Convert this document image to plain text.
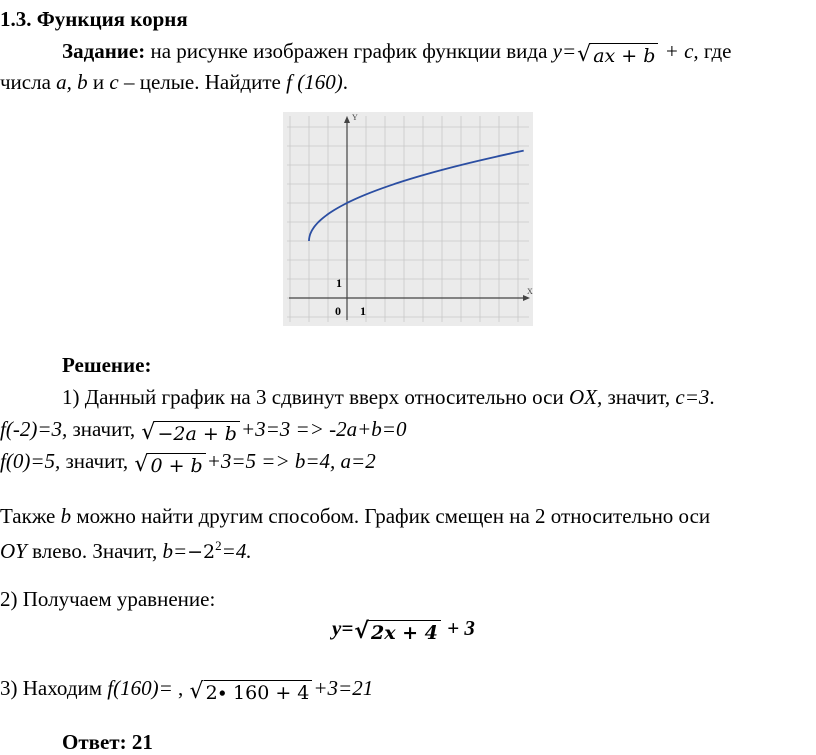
1.3. Функция корня
Задание: на рисунке изображен график функции вида y= √ ax + b + c, где
числа a, b и c – целые. Найдите f (160).
Y
X
0 1
1
Решение:
1) Данный график на 3 сдвинут вверх относительно оси OX, значит, c=3.
f(-2)=3, значит, √ −2a + b +3=3 => -2a+b=0
f(0)=5, значит, √ 0 + b +3=5 => b=4, a=2
Также b можно найти другим способом. График смещен на 2 относительно оси
OY влево. Значит, $b=-2^2=4$.
2) Получаем уравнение:
y= √ 2x + 4 + 3
3) Находим f(160)= , √ 2∙ 160 + 4 +3=21
Ответ: 21
